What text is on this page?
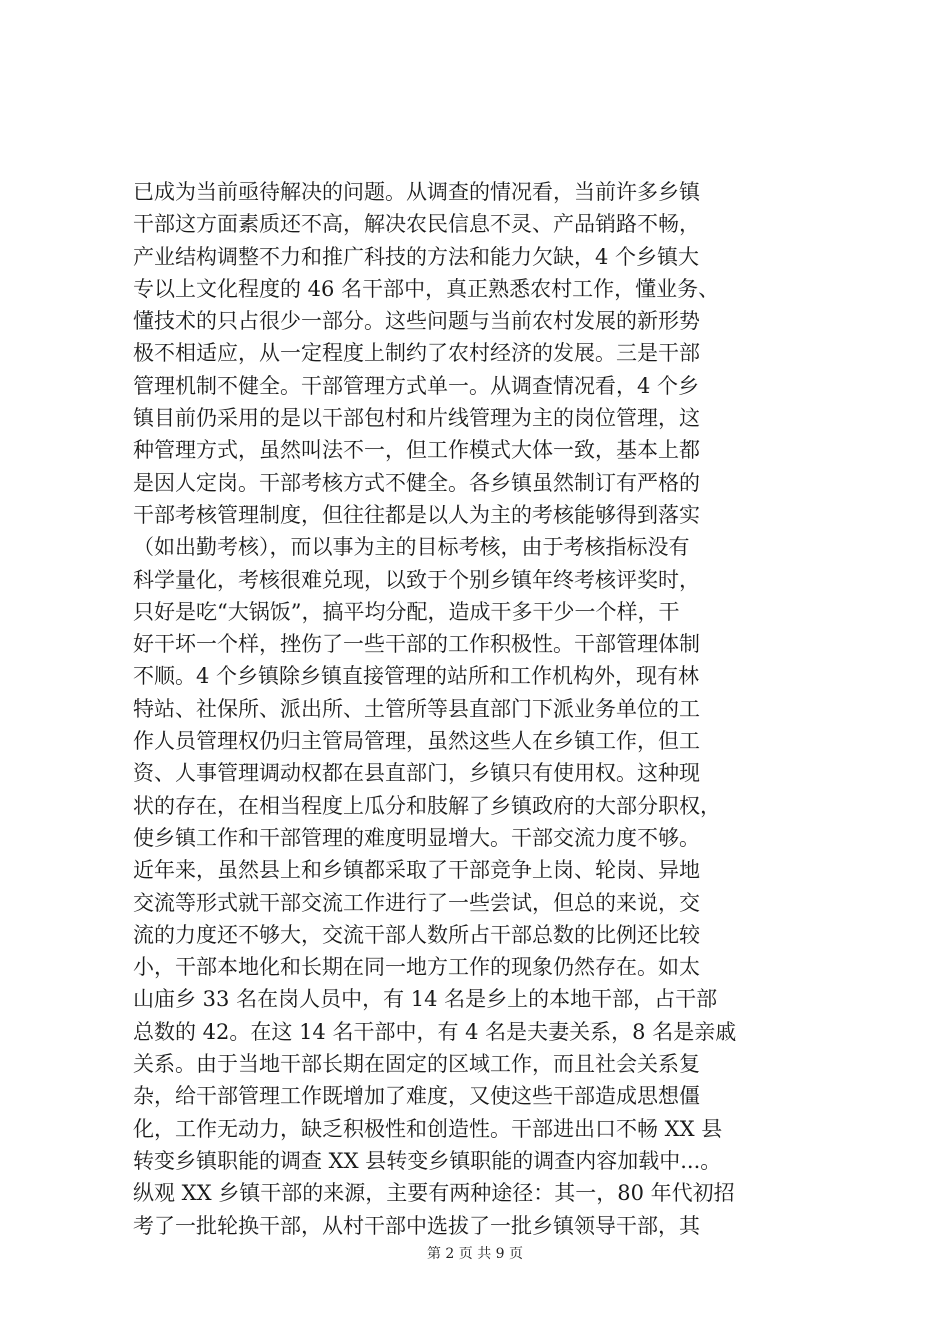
已成为当前亟待解决的问题。从调查的情况看，当前许多乡镇
干部这方面素质还不高，解决农民信息不灵、产品销路不畅，
产业结构调整不力和推广科技的方法和能力欠缺，4 个乡镇大
专以上文化程度的 46 名干部中，真正熟悉农村工作，懂业务、
懂技术的只占很少一部分。这些问题与当前农村发展的新形势
极不相适应，从一定程度上制约了农村经济的发展。三是干部
管理机制不健全。干部管理方式单一。从调查情况看，4 个乡
镇目前仍采用的是以干部包村和片线管理为主的岗位管理，这
种管理方式，虽然叫法不一，但工作模式大体一致，基本上都
是因人定岗。干部考核方式不健全。各乡镇虽然制订有严格的
干部考核管理制度，但往往都是以人为主的考核能够得到落实
（如出勤考核），而以事为主的目标考核，由于考核指标没有
科学量化，考核很难兑现，以致于个别乡镇年终考核评奖时，
只好是吃“大锅饭”，搞平均分配，造成干多干少一个样，干
好干坏一个样，挫伤了一些干部的工作积极性。干部管理体制
不顺。4 个乡镇除乡镇直接管理的站所和工作机构外，现有林
特站、社保所、派出所、土管所等县直部门下派业务单位的工
作人员管理权仍归主管局管理，虽然这些人在乡镇工作，但工
资、人事管理调动权都在县直部门，乡镇只有使用权。这种现
状的存在，在相当程度上瓜分和肢解了乡镇政府的大部分职权，
使乡镇工作和干部管理的难度明显增大。干部交流力度不够。
近年来，虽然县上和乡镇都采取了干部竞争上岗、轮岗、异地
交流等形式就干部交流工作进行了一些尝试，但总的来说，交
流的力度还不够大，交流干部人数所占干部总数的比例还比较
小，干部本地化和长期在同一地方工作的现象仍然存在。如太
山庙乡 33 名在岗人员中，有 14 名是乡上的本地干部，占干部
总数的 42。在这 14 名干部中，有 4 名是夫妻关系，8 名是亲戚
关系。由于当地干部长期在固定的区域工作，而且社会关系复
杂，给干部管理工作既增加了难度，又使这些干部造成思想僵
化，工作无动力，缺乏积极性和创造性。干部进出口不畅 XX 县
转变乡镇职能的调查 XX 县转变乡镇职能的调查内容加载中...。
纵观 XX 乡镇干部的来源，主要有两种途径：其一，80 年代初招
考了一批轮换干部，从村干部中选拔了一批乡镇领导干部，其
第 2 页 共 9 页
